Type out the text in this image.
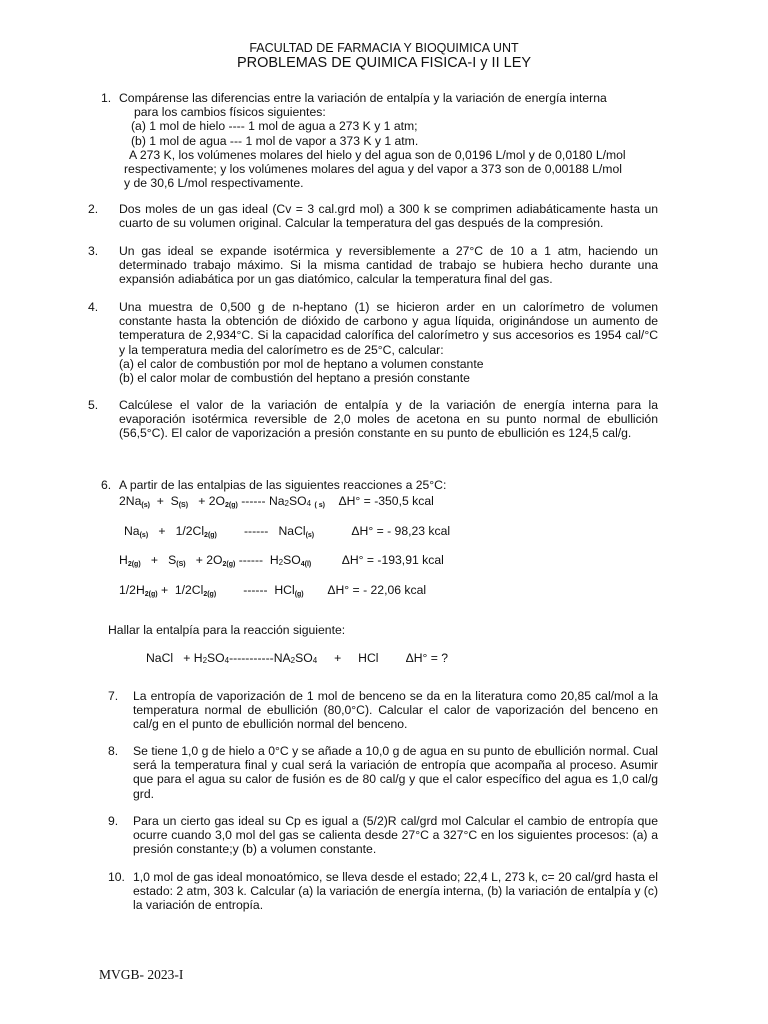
FACULTAD DE FARMACIA Y BIOQUIMICA UNT
PROBLEMAS DE QUIMICA FISICA-I y II LEY
1. Compárense las diferencias entre la variación de entalpía y la variación de energía interna
para los cambios físicos siguientes:
(a) 1 mol de hielo ---- 1 mol de agua a 273 K y 1 atm;
(b) 1 mol de agua --- 1 mol de vapor a 373 K y 1 atm.
A 273 K, los volúmenes molares del hielo y del agua son de 0,0196 L/mol y de 0,0180 L/mol
respectivamente; y los volúmenes molares del agua y del vapor a 373 son de 0,00188 L/mol
y de 30,6 L/mol respectivamente.
2. Dos moles de un gas ideal (Cv = 3 cal.grd mol) a 300 k se comprimen adiabáticamente hasta un cuarto de su volumen original. Calcular la temperatura del gas después de la compresión.
3. Un gas ideal se expande isotérmica y reversiblemente a 27°C de 10 a 1 atm, haciendo un determinado trabajo máximo. Si la misma cantidad de trabajo se hubiera hecho durante una expansión adiabática por un gas diatómico, calcular la temperatura final del gas.
4. Una muestra de 0,500 g de n-heptano (1) se hicieron arder en un calorímetro de volumen constante hasta la obtención de dióxido de carbono y agua líquida, originándose un aumento de temperatura de 2,934°C. Si la capacidad calorífica del calorímetro y sus accesorios es 1954 cal/°C y la temperatura media del calorímetro es de 25°C, calcular:
(a) el calor de combustión por mol de heptano a volumen constante
(b) el calor molar de combustión del heptano a presión constante
5. Calcúlese el valor de la variación de entalpía y de la variación de energía interna para la evaporación isotérmica reversible de 2,0 moles de acetona en su punto normal de ebullición (56,5°C). El calor de vaporización a presión constante en su punto de ebullición es 124,5 cal/g.
6. A partir de las entalpias de las siguientes reacciones a 25°C:
$2Na_{(s)} + S_{(S)} + 2O_{2(g)}$ ------ $Na_2SO_4$ $_{( s)}$ ΔH° = -350,5 kcal
$Na_{(s)} + 1/2Cl_{2(g)}$        ------   NaCl$_{(s)}$	ΔH° = - 98,23 kcal
$H_{2(g)} + S_{(S)} + 2O_{2(g)}$ ------  $H_2SO_{4(l)}$ ΔH° = -193,91 kcal
$1/2H_{2(g)} + 1/2Cl_{2(g)}$        ------  HCl$_{(g)}$ ΔH° = - 22,06 kcal
Hallar la entalpía para la reacción siguiente:
NaCl   + $H_2SO_4-----------NA_2SO_4$     +     HCl        ΔH° = ?
7. La entropía de vaporización de 1 mol de benceno se da en la literatura como 20,85 cal/mol a la temperatura normal de ebullición (80,0°C). Calcular el calor de vaporización del benceno en cal/g en el punto de ebullición normal del benceno.
8. Se tiene 1,0 g de hielo a 0°C y se añade a 10,0 g de agua en su punto de ebullición normal. Cual será la temperatura final y cual será la variación de entropía que acompaña al proceso. Asumir que para el agua su calor de fusión es de 80 cal/g y que el calor específico del agua es 1,0 cal/g grd.
9. Para un cierto gas ideal su Cp es igual a (5/2)R cal/grd mol Calcular el cambio de entropía que ocurre cuando 3,0 mol del gas se calienta desde 27°C a 327°C en los siguientes procesos: (a) a presión constante;y (b) a volumen constante.
10. 1,0 mol de gas ideal monoatómico, se lleva desde el estado; 22,4 L, 273 k, c= 20 cal/grd hasta el estado: 2 atm, 303 k. Calcular (a) la variación de energía interna, (b) la variación de entalpía y (c) la variación de entropía.
MVGB- 2023-I
